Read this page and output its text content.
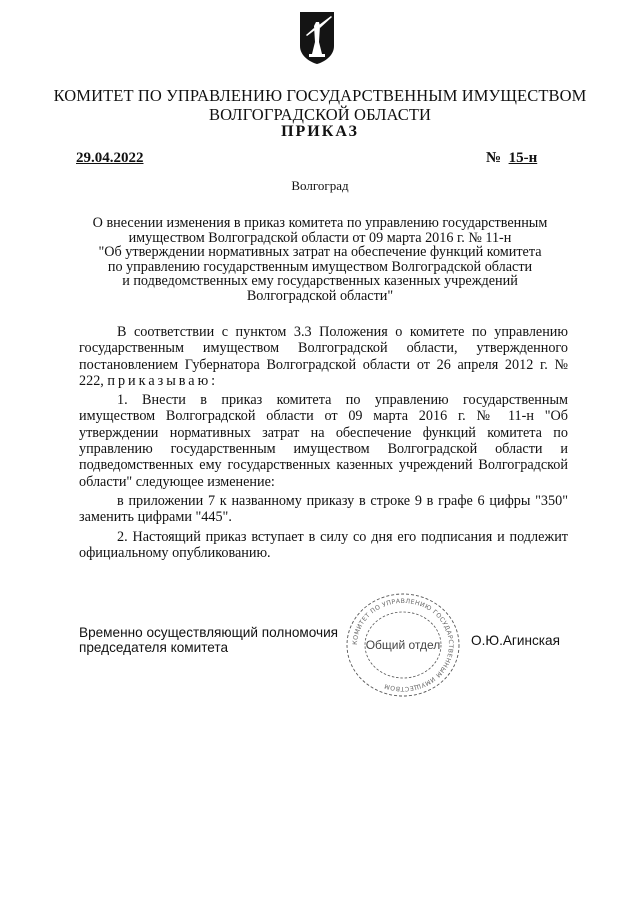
КОМИТЕТ ПО УПРАВЛЕНИЮ ГОСУДАРСТВЕННЫМ ИМУЩЕСТВОМ
ВОЛГОГРАДСКОЙ ОБЛАСТИ
ПРИКАЗ
29.04.2022	№ 15-н
Волгоград
О внесении изменения в приказ комитета по управлению государственным
имуществом Волгоградской области от 09 марта 2016 г. № 11-н
"Об утверждении нормативных затрат на обеспечение функций комитета
по управлению государственным имуществом Волгоградской области
и подведомственных ему государственных казенных учреждений
Волгоградской области"

В соответствии с пунктом 3.3 Положения о комитете по управлению государственным имуществом Волгоградской области, утвержденного постановлением Губернатора Волгоградской области от 26 апреля 2012 г. № 222, приказываю:

1. Внести в приказ комитета по управлению государственным имуществом Волгоградской области от 09 марта 2016 г. № 11-н "Об утверждении нормативных затрат на обеспечение функций комитета по управлению государственным имуществом Волгоградской области и подведомственных ему государственных казенных учреждений Волгоградской области" следующее изменение:

в приложении 7 к названному приказу в строке 9 в графе 6 цифры "350" заменить цифрами "445".

2. Настоящий приказ вступает в силу со дня его подписания и подлежит официальному опубликованию.

Временно осуществляющий полномочия
председателя комитета	О.Ю.Агинская
КОМИТЕТ ПО УПРАВЛЕНИЮ ГОСУДАРСТВЕННЫМ ИМУЩЕСТВОМ
Общий отдел
